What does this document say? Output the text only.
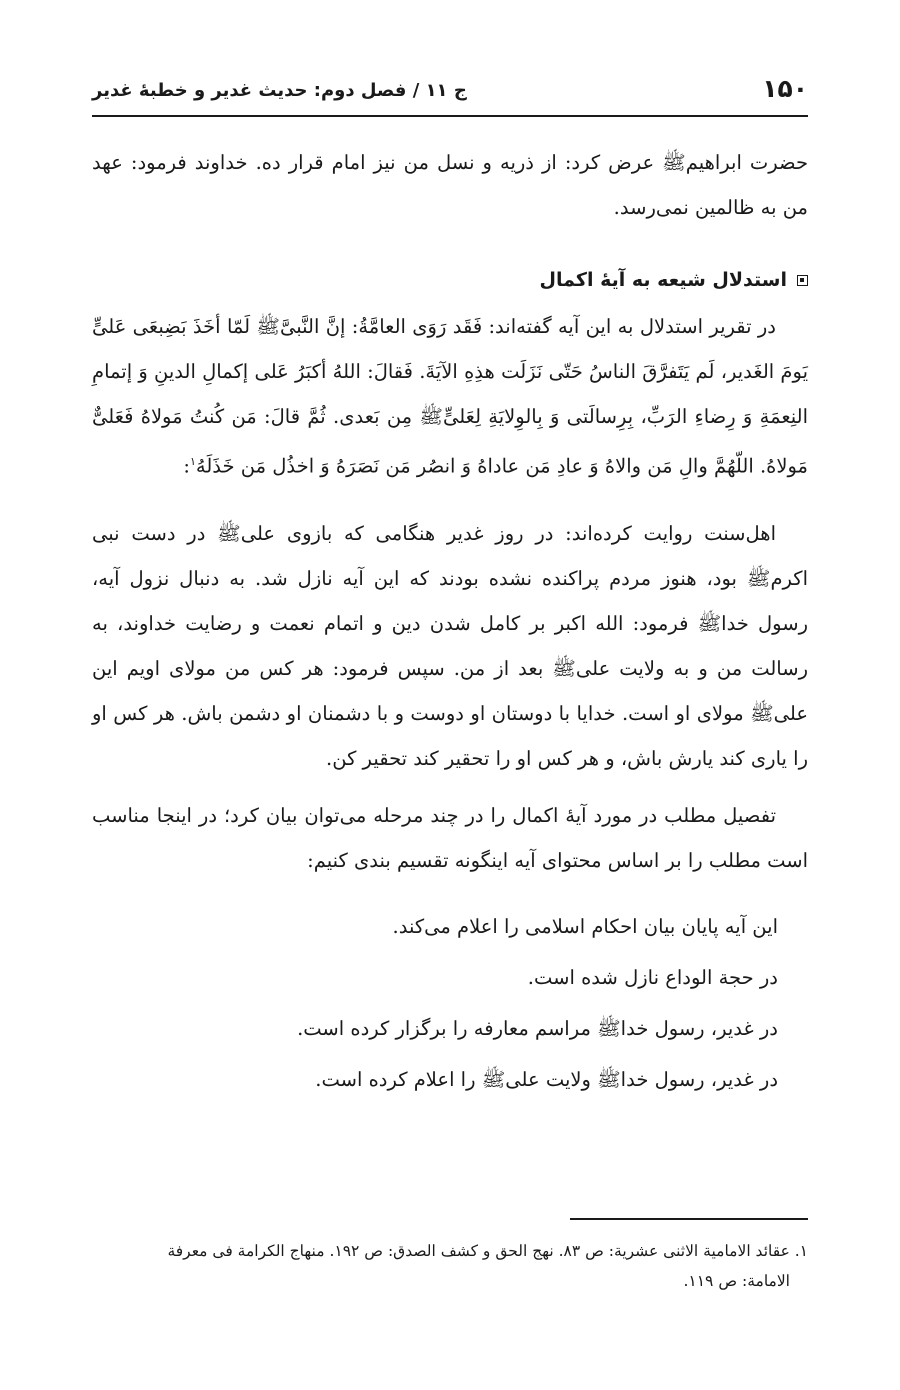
۱۵۰
ج ۱۱ / فصل دوم: حدیث غدیر و خطبهٔ غدیر

حضرت ابراهیمﷺ عرض کرد: از ذریه و نسل من نیز امام قرار ده. خداوند فرمود: عهد من به ظالمین نمی‌رسد.

استدلال شیعه به آیهٔ اکمال

در تقریر استدلال به این آیه گفته‌اند: فَقَد رَوَی العامَّةُ: إنَّ النَّبیَّﷺ لَمّا أخَذَ بَضِبعَی عَلیٍّ یَومَ الغَدیر، لَم یَتَفرَّقَ الناسُ حَتّی نَزَلَت هذِهِ الآیَةَ. فَقالَ: اللهُ أکبَرُ عَلی إکمالِ الدینِ وَ إتمامِ النِعمَةِ وَ رِضاءِ الرَبِّ، بِرِسالَتی وَ بِالوِلایَةِ لِعَلیٍّﷺ مِن بَعدی. ثُمَّ قالَ: مَن کُنتُ مَولاهُ فَعَلیٌّ مَولاهُ. اللّهُمَّ والِ مَن والاهُ وَ عادِ مَن عاداهُ وَ انصُر مَن نَصَرَهُ وَ اخذُل مَن خَذَلَهُ$^۱$:

اهل‌سنت روایت کرده‌اند: در روز غدیر هنگامی که بازوی علیﷺ در دست نبی اکرمﷺ بود، هنوز مردم پراکنده نشده بودند که این آیه نازل شد. به دنبال نزول آیه، رسول خداﷺ فرمود: الله اکبر بر کامل شدن دین و اتمام نعمت و رضایت خداوند، به رسالت من و به ولایت علیﷺ بعد از من. سپس فرمود: هر کس من مولای اویم این علیﷺ مولای او است. خدایا با دوستان او دوست و با دشمنان او دشمن باش. هر کس او را یاری کند یارش باش، و هر کس او را تحقیر کند تحقیر کن.

تفصیل مطلب در مورد آیهٔ اکمال را در چند مرحله می‌توان بیان کرد؛ در اینجا مناسب است مطلب را بر اساس محتوای آیه اینگونه تقسیم بندی کنیم:

این آیه پایان بیان احکام اسلامی را اعلام می‌کند.
در حجة الوداع نازل شده است.
در غدیر، رسول خداﷺ مراسم معارفه را برگزار کرده است.
در غدیر، رسول خداﷺ ولایت علیﷺ را اعلام کرده است.
۱. عقائد الامامیة الاثنی عشریة: ص ۸۳. نهج الحق و کشف الصدق: ص ۱۹۲. منهاج الکرامة فی معرفة
الامامة: ص ۱۱۹.
